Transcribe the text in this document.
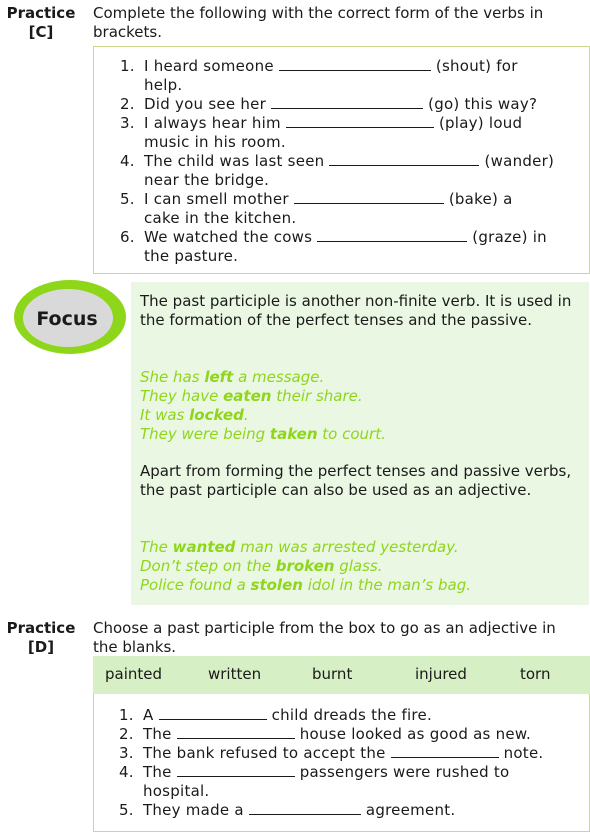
Practice
[C]
Complete the following with the correct form of the verbs in brackets.
1. I heard someone	(shout) for
help.
2. Did you see her	(go) this way?
3. I always hear him	(play) loud
music in his room.
4. The child was last seen	(wander)
near the bridge.
5. I can smell mother	(bake) a
cake in the kitchen.
6. We watched the cows	(graze) in
the pasture.
Focus
The past participle is another non-finite verb. It is used in the formation of the perfect tenses and the passive.
She has left a message.
They have eaten their share.
It was locked.
They were being taken to court.
Apart from forming the perfect tenses and passive verbs, the past participle can also be used as an adjective.
The wanted man was arrested yesterday.
Don’t step on the broken glass.
Police found a stolen idol in the man’s bag.
Practice
[D]
Choose a past participle from the box to go as an adjective in the blanks.
painted	written	burnt	injured	torn
1. A	child dreads the fire.
2. The	house looked as good as new.
3. The bank refused to accept the	note.
4. The	passengers were rushed to
hospital.
5. They made a	agreement.
